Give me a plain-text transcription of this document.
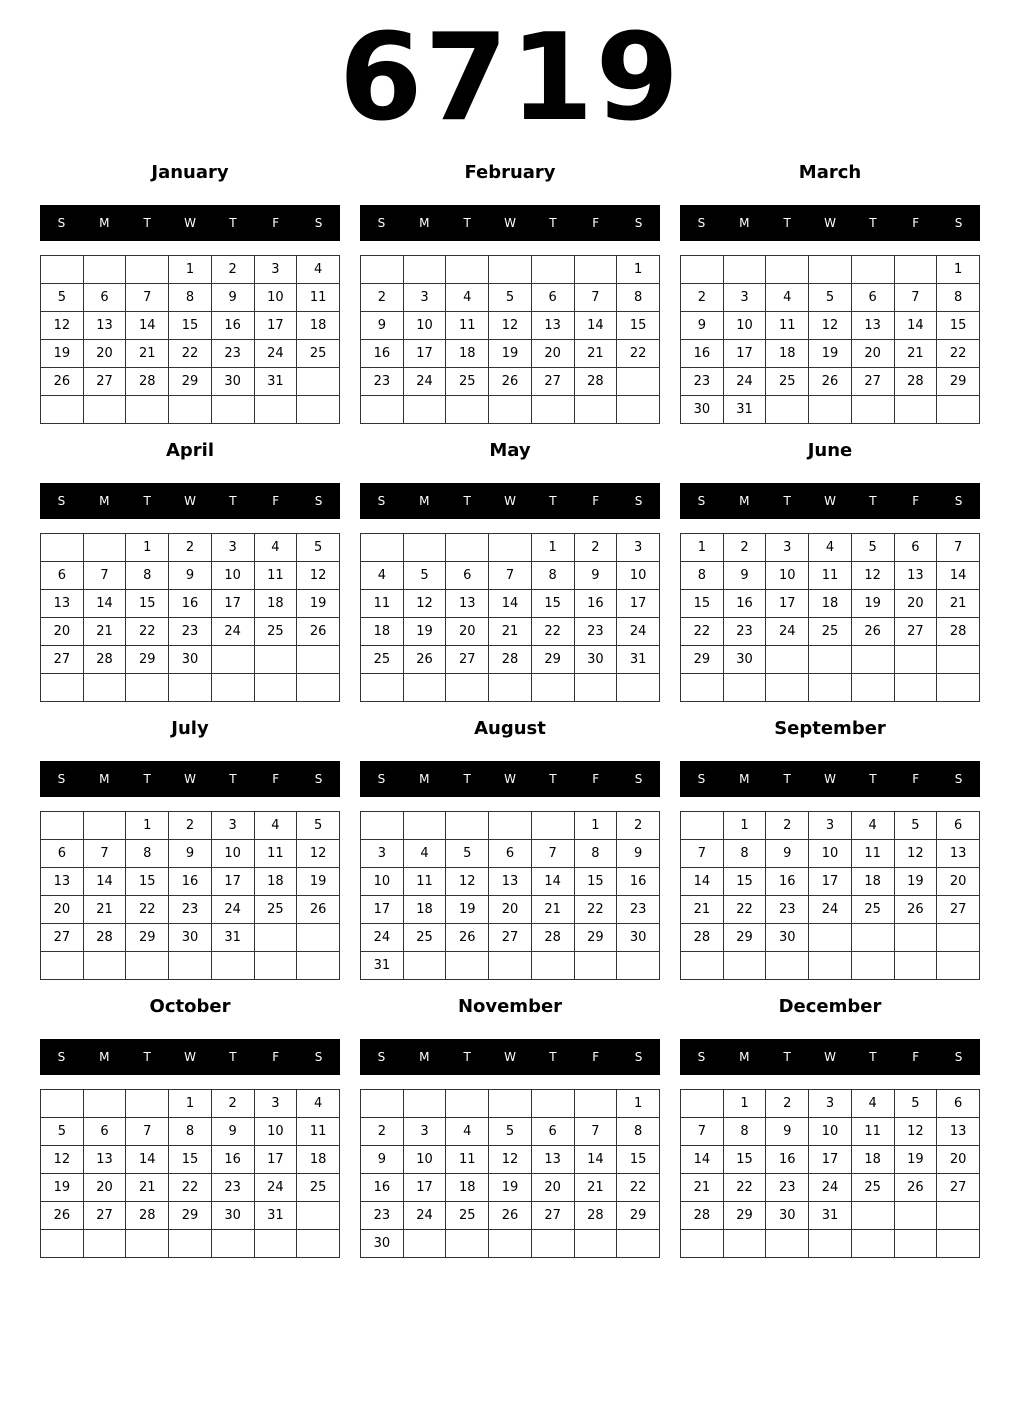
6719
January
S	M	T	W	T	F	S
			1	2	3	4
5	6	7	8	9	10	11
12	13	14	15	16	17	18
19	20	21	22	23	24	25
26	27	28	29	30	31	

February
S	M	T	W	T	F	S
						1
2	3	4	5	6	7	8
9	10	11	12	13	14	15
16	17	18	19	20	21	22
23	24	25	26	27	28	

March
S	M	T	W	T	F	S
						1
2	3	4	5	6	7	8
9	10	11	12	13	14	15
16	17	18	19	20	21	22
23	24	25	26	27	28	29
30	31					
April
S	M	T	W	T	F	S
		1	2	3	4	5
6	7	8	9	10	11	12
13	14	15	16	17	18	19
20	21	22	23	24	25	26
27	28	29	30			

May
S	M	T	W	T	F	S
				1	2	3
4	5	6	7	8	9	10
11	12	13	14	15	16	17
18	19	20	21	22	23	24
25	26	27	28	29	30	31

June
S	M	T	W	T	F	S
1	2	3	4	5	6	7
8	9	10	11	12	13	14
15	16	17	18	19	20	21
22	23	24	25	26	27	28
29	30					

July
S	M	T	W	T	F	S
		1	2	3	4	5
6	7	8	9	10	11	12
13	14	15	16	17	18	19
20	21	22	23	24	25	26
27	28	29	30	31		

August
S	M	T	W	T	F	S
					1	2
3	4	5	6	7	8	9
10	11	12	13	14	15	16
17	18	19	20	21	22	23
24	25	26	27	28	29	30
31						
September
S	M	T	W	T	F	S
	1	2	3	4	5	6
7	8	9	10	11	12	13
14	15	16	17	18	19	20
21	22	23	24	25	26	27
28	29	30				

October
S	M	T	W	T	F	S
			1	2	3	4
5	6	7	8	9	10	11
12	13	14	15	16	17	18
19	20	21	22	23	24	25
26	27	28	29	30	31	

November
S	M	T	W	T	F	S
						1
2	3	4	5	6	7	8
9	10	11	12	13	14	15
16	17	18	19	20	21	22
23	24	25	26	27	28	29
30						
December
S	M	T	W	T	F	S
	1	2	3	4	5	6
7	8	9	10	11	12	13
14	15	16	17	18	19	20
21	22	23	24	25	26	27
28	29	30	31			
